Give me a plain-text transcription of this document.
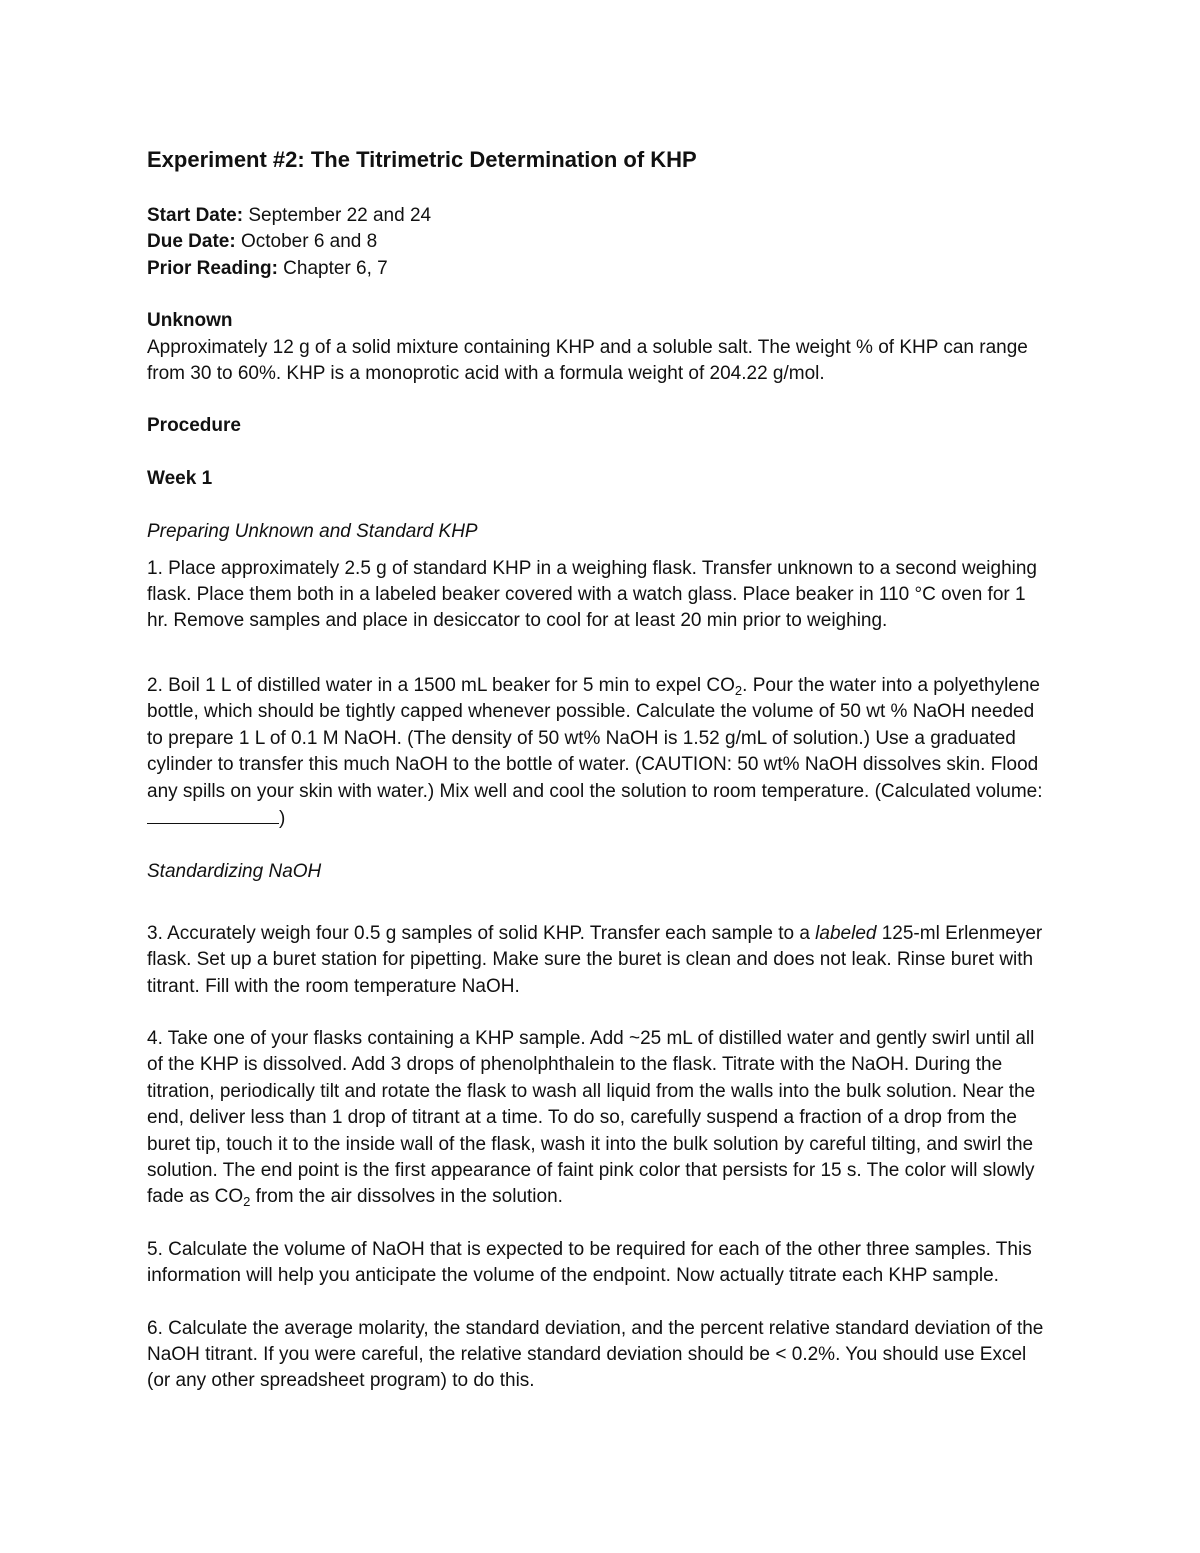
Experiment #2: The Titrimetric Determination of KHP

Start Date: September 22 and 24

Due Date: October 6 and 8

Prior Reading: Chapter 6, 7

Unknown

Approximately 12 g of a solid mixture containing KHP and a soluble salt. The weight % of KHP can range from 30 to 60%. KHP is a monoprotic acid with a formula weight of 204.22 g/mol.

Procedure

Week 1

Preparing Unknown and Standard KHP

1. Place approximately 2.5 g of standard KHP in a weighing flask. Transfer unknown to a second weighing flask. Place them both in a labeled beaker covered with a watch glass. Place beaker in 110 °C oven for 1 hr. Remove samples and place in desiccator to cool for at least 20 min prior to weighing.

2. Boil 1 L of distilled water in a 1500 mL beaker for 5 min to expel $CO_2$. Pour the water into a polyethylene bottle, which should be tightly capped whenever possible. Calculate the volume of 50 wt % NaOH needed to prepare 1 L of 0.1 M NaOH. (The density of 50 wt% NaOH is 1.52 g/mL of solution.) Use a graduated cylinder to transfer this much NaOH to the bottle of water. (CAUTION: 50 wt% NaOH dissolves skin. Flood any spills on your skin with water.) Mix well and cool the solution to room temperature. (Calculated volume:)

Standardizing NaOH

3. Accurately weigh four 0.5 g samples of solid KHP. Transfer each sample to a labeled 125-ml Erlenmeyer flask. Set up a buret station for pipetting. Make sure the buret is clean and does not leak. Rinse buret with titrant. Fill with the room temperature NaOH.

4. Take one of your flasks containing a KHP sample. Add ~25 mL of distilled water and gently swirl until all of the KHP is dissolved. Add 3 drops of phenolphthalein to the flask. Titrate with the NaOH. During the titration, periodically tilt and rotate the flask to wash all liquid from the walls into the bulk solution. Near the end, deliver less than 1 drop of titrant at a time. To do so, carefully suspend a fraction of a drop from the buret tip, touch it to the inside wall of the flask, wash it into the bulk solution by careful tilting, and swirl the solution. The end point is the first appearance of faint pink color that persists for 15 s. The color will slowly fade as $CO_2$ from the air dissolves in the solution.

5. Calculate the volume of NaOH that is expected to be required for each of the other three samples. This information will help you anticipate the volume of the endpoint. Now actually titrate each KHP sample.

6. Calculate the average molarity, the standard deviation, and the percent relative standard deviation of the NaOH titrant. If you were careful, the relative standard deviation should be < 0.2%. You should use Excel (or any other spreadsheet program) to do this.
